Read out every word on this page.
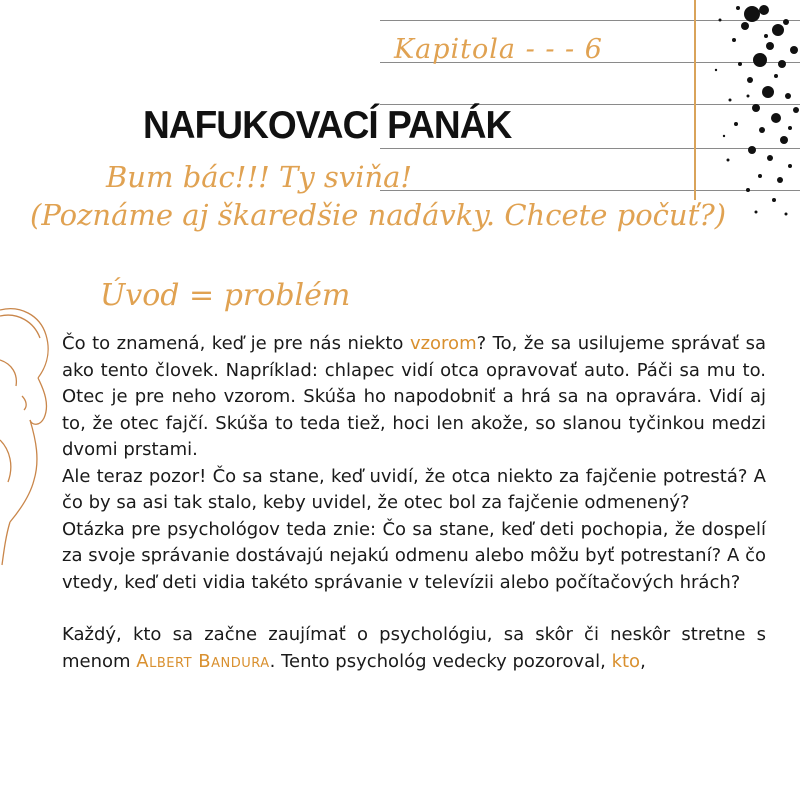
Kapitola - - - 6
NAFUKOVACÍ PANÁK
Bum bác!!! Ty sviňa!
(Poznáme aj škaredšie nadávky. Chcete počuť?)
Úvod = problém

Čo to znamená, keď je pre nás niekto vzorom? To, že sa usilujeme správať sa ako tento človek. Napríklad: chlapec vidí otca opravovať auto. Páči sa mu to. Otec je pre neho vzorom. Skúša ho napodobniť a hrá sa na opravára. Vidí aj to, že otec fajčí. Skúša to teda tiež, hoci len akože, so slanou tyčinkou medzi dvomi prstami.

Ale teraz pozor! Čo sa stane, keď uvidí, že otca niekto za fajčenie potrestá? A čo by sa asi tak stalo, keby uvidel, že otec bol za fajčenie odmenený?

Otázka pre psychológov teda znie: Čo sa stane, keď deti pochopia, že dospelí za svoje správanie dostávajú nejakú odmenu alebo môžu byť potrestaní? A čo vtedy, keď deti vidia takéto správanie v televízii alebo počítačových hrách?

Každý, kto sa začne zaujímať o psychológiu, sa skôr či neskôr stretne s menom Albert Bandura. Tento psychológ vedecky pozoroval, kto,
